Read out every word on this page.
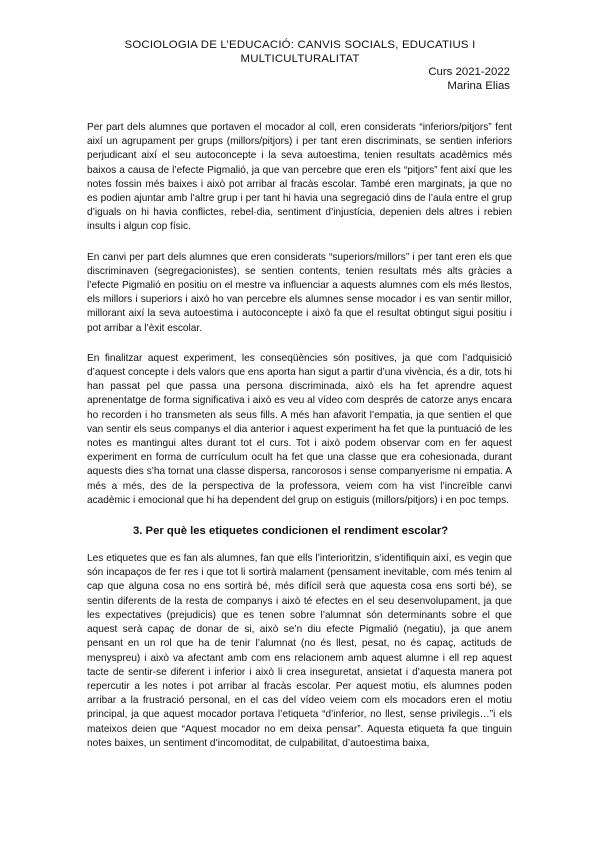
SOCIOLOGIA DE L’EDUCACIÓ: CANVIS SOCIALS, EDUCATIUS I MULTICULTURALITAT
Curs 2021-2022
Marina Elias

Per part dels alumnes que portaven el mocador al coll, eren considerats “inferiors/pitjors” fent així un agrupament per grups (millors/pitjors) i per tant eren discriminats, se sentien inferiors perjudicant així el seu autoconcepte i la seva autoestima, tenien resultats acadèmics més baixos a causa de l’efecte Pigmalió, ja que van percebre que eren els “pitjors” fent així que les notes fossin més baixes i això pot arribar al fracàs escolar. També eren marginats, ja que no es podien ajuntar amb l’altre grup i per tant hi havia una segregació dins de l’aula entre el grup d’iguals on hi havia conflictes, rebel·dia, sentiment d’injustícia, depenien dels altres i rebien insults i algun cop físic.

En canvi per part dels alumnes que eren considerats “superiors/millors” i per tant eren els que discriminaven (segregacionistes), se sentien contents, tenien resultats més alts gràcies a l’efecte Pigmalió en positiu on el mestre va influenciar a aquests alumnes com els més llestos, els millors i superiors i això ho van percebre els alumnes sense mocador i es van sentir millor, millorant així la seva autoestima i autoconcepte i això fa que el resultat obtingut sigui positiu i pot arribar a l’èxit escolar.

En finalitzar aquest experiment, les conseqüències són positives, ja que com l’adquisició d’aquest concepte i dels valors que ens aporta han sigut a partir d’una vivència, és a dir, tots hi han passat pel que passa una persona discriminada, això els ha fet aprendre aquest aprenentatge de forma significativa i això es veu al vídeo com després de catorze anys encara ho recorden i ho transmeten als seus fills. A més han afavorit l’empatia, ja que sentien el que van sentir els seus companys el dia anterior i aquest experiment ha fet que la puntuació de les notes es mantingui altes durant tot el curs. Tot i això podem observar com en fer aquest experiment en forma de currículum ocult ha fet que una classe que era cohesionada, durant aquests dies s’ha tornat una classe dispersa, rancorosos i sense companyerisme ni empatia. A més a més, des de la perspectiva de la professora, veiem com ha vist l’increïble canvi acadèmic i emocional que hi ha dependent del grup on estiguis (millors/pitjors) i en poc temps.

3. Per què les etiquetes condicionen el rendiment escolar?

Les etiquetes que es fan als alumnes, fan que ells l’interioritzin, s’identifiquin així, es vegin que són incapaços de fer res i que tot li sortirà malament (pensament inevitable, com més tenim al cap que alguna cosa no ens sortirà bé, més difícil serà que aquesta cosa ens sorti bé), se sentin diferents de la resta de companys i això té efectes en el seu desenvolupament, ja que les expectatives (prejudicis) que es tenen sobre l’alumnat són determinants sobre el que aquest serà capaç de donar de si, això se’n diu efecte Pigmalió (negatiu), ja que anem pensant en un rol que ha de tenir l’alumnat (no és llest, pesat, no és capaç, actituds de menyspreu) i això va afectant amb com ens relacionem amb aquest alumne i ell rep aquest tacte de sentir-se diferent i inferior i això li crea inseguretat, ansietat i d’aquesta manera pot repercutir a les notes i pot arribar al fracàs escolar. Per aquest motiu, els alumnes poden arribar a la frustració personal, en el cas del vídeo veiem com els mocadors eren el motiu principal, ja que aquest mocador portava l’etiqueta “d’inferior, no llest, sense privilegis…”i els mateixos deien que “Aquest mocador no em deixa pensar”. Aquesta etiqueta fa que tinguin notes baixes, un sentiment d’incomoditat, de culpabilitat, d’autoestima baixa,
